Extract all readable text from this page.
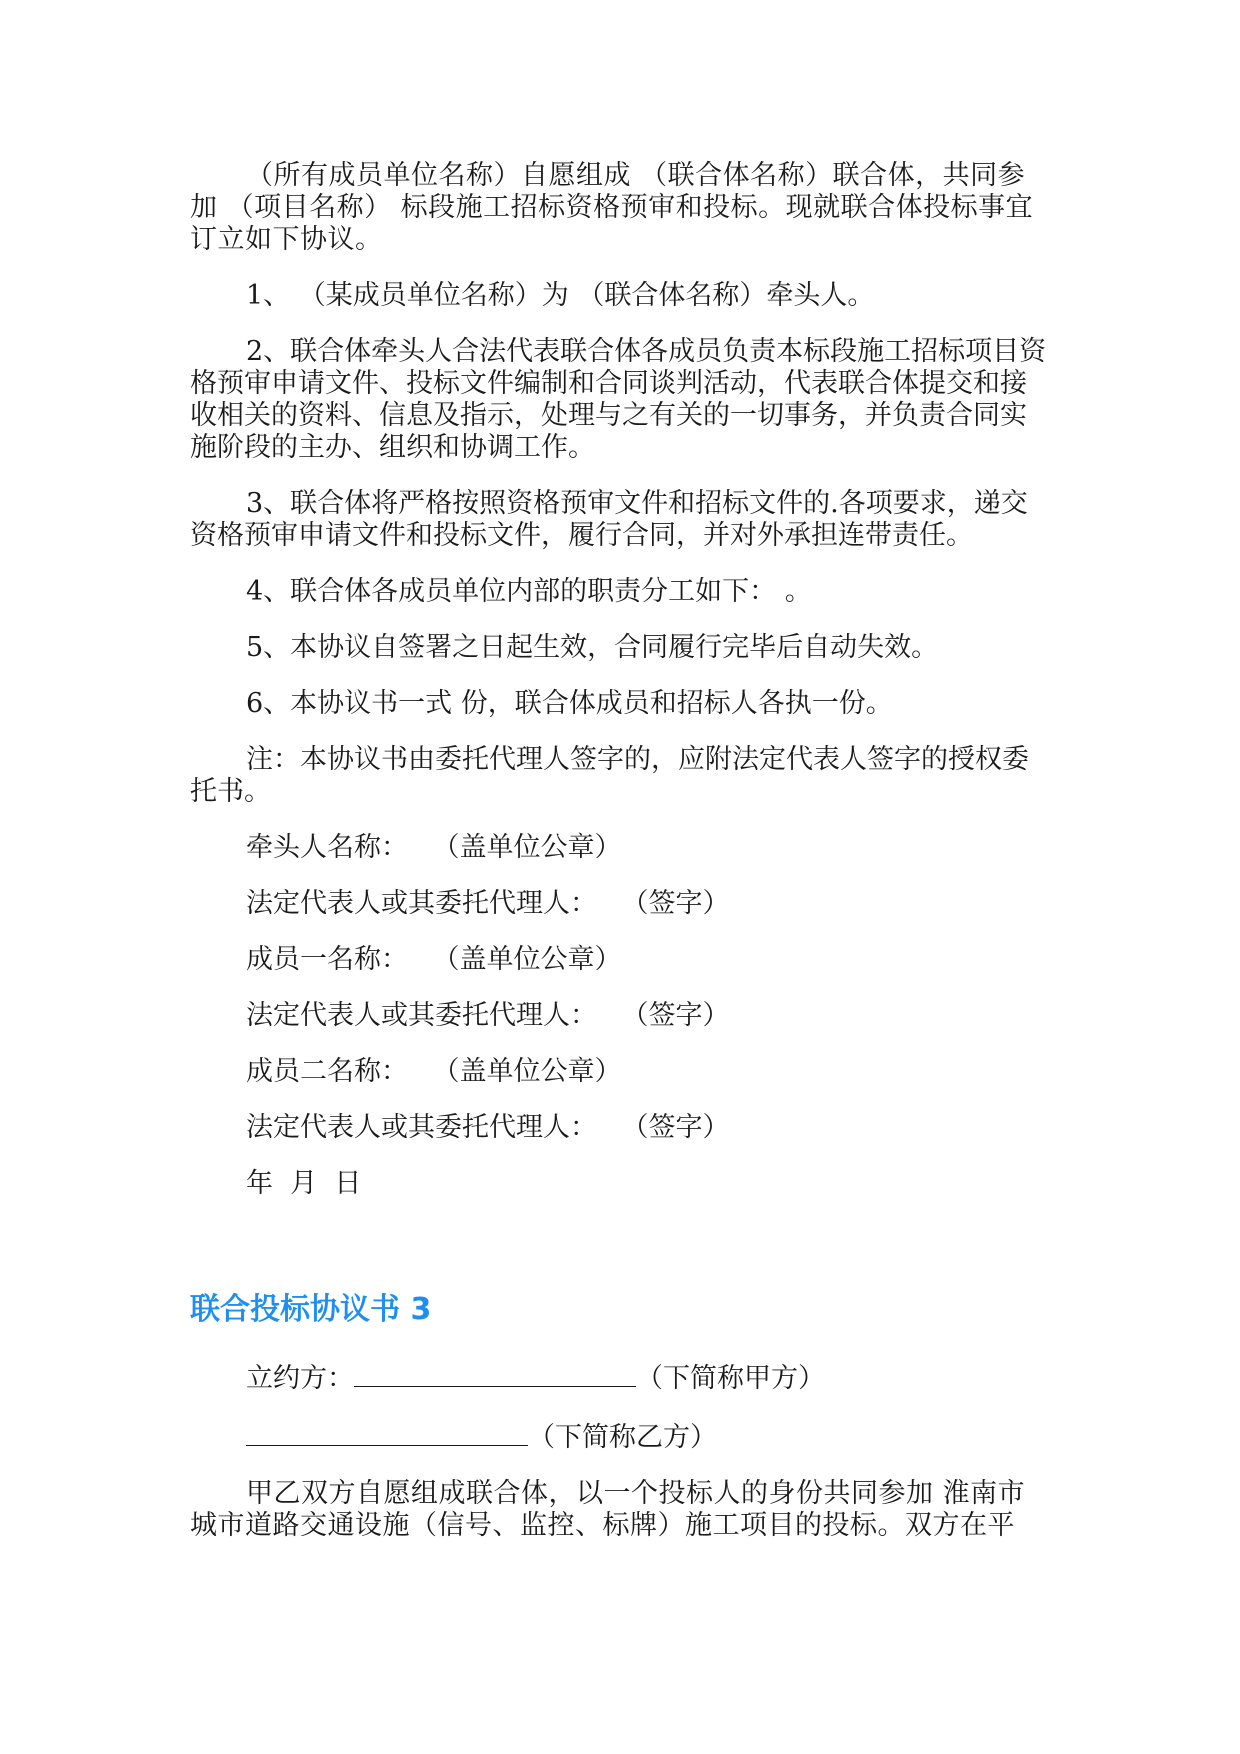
（所有成员单位名称）自愿组成 （联合体名称）联合体，共同参加 （项目名称） 标段施工招标资格预审和投标。现就联合体投标事宜订立如下协议。

1、 （某成员单位名称）为 （联合体名称）牵头人。

2、联合体牵头人合法代表联合体各成员负责本标段施工招标项目资格预审申请文件、投标文件编制和合同谈判活动，代表联合体提交和接收相关的资料、信息及指示，处理与之有关的一切事务，并负责合同实施阶段的主办、组织和协调工作。

3、联合体将严格按照资格预审文件和招标文件的.各项要求，递交资格预审申请文件和投标文件，履行合同，并对外承担连带责任。

4、联合体各成员单位内部的职责分工如下： 。

5、本协议自签署之日起生效，合同履行完毕后自动失效。

6、本协议书一式 份，联合体成员和招标人各执一份。

注：本协议书由委托代理人签字的，应附法定代表人签字的授权委托书。

牵头人名称： （盖单位公章）
法定代表人或其委托代理人： （签字）
成员一名称： （盖单位公章）
法定代表人或其委托代理人： （签字）
成员二名称： （盖单位公章）
法定代表人或其委托代理人： （签字）

年  月  日

联合投标协议书 3
立约方：	（下简称甲方）
（下简称乙方）

甲乙双方自愿组成联合体，以一个投标人的身份共同参加 淮南市城市道路交通设施（信号、监控、标牌）施工项目的投标。双方在平
